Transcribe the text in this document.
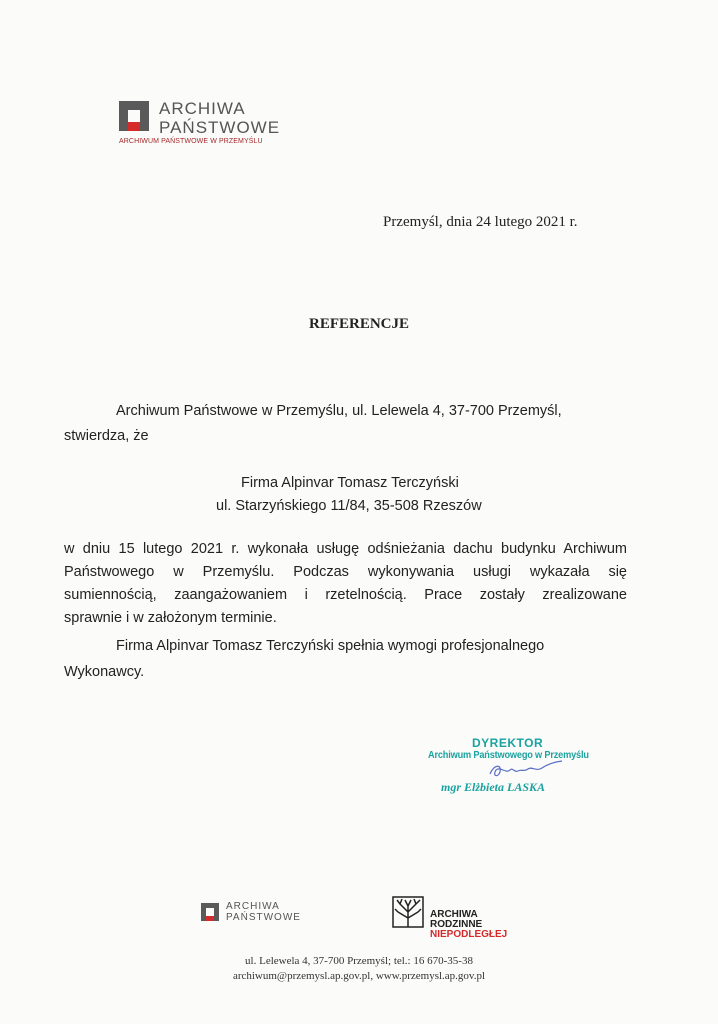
ARCHIWA
PAŃSTWOWE
ARCHIWUM PAŃSTWOWE W PRZEMYŚLU
Przemyśl, dnia 24 lutego 2021 r.
REFERENCJE
Archiwum Państwowe w Przemyślu, ul. Lelewela 4, 37-700 Przemyśl,
stwierdza, że
Firma Alpinvar Tomasz Terczyński
ul. Starzyńskiego 11/84, 35-508 Rzeszów
w dniu 15 lutego 2021 r. wykonała usługę odśnieżania dachu budynku Archiwum
Państwowego w Przemyślu. Podczas wykonywania usługi wykazała się
sumiennością, zaangażowaniem i rzetelnością. Prace zostały zrealizowane
sprawnie i w założonym terminie.
Firma Alpinvar Tomasz Terczyński spełnia wymogi profesjonalnego
Wykonawcy.
DYREKTOR
Archiwum Państwowego w Przemyślu
mgr Elżbieta LASKA
ARCHIWA
PAŃSTWOWE	ARCHIWA
RODZINNE
NIEPODLEGŁEJ
ul. Lelewela 4, 37-700 Przemyśl; tel.: 16 670-35-38
archiwum@przemysl.ap.gov.pl, www.przemysl.ap.gov.pl
